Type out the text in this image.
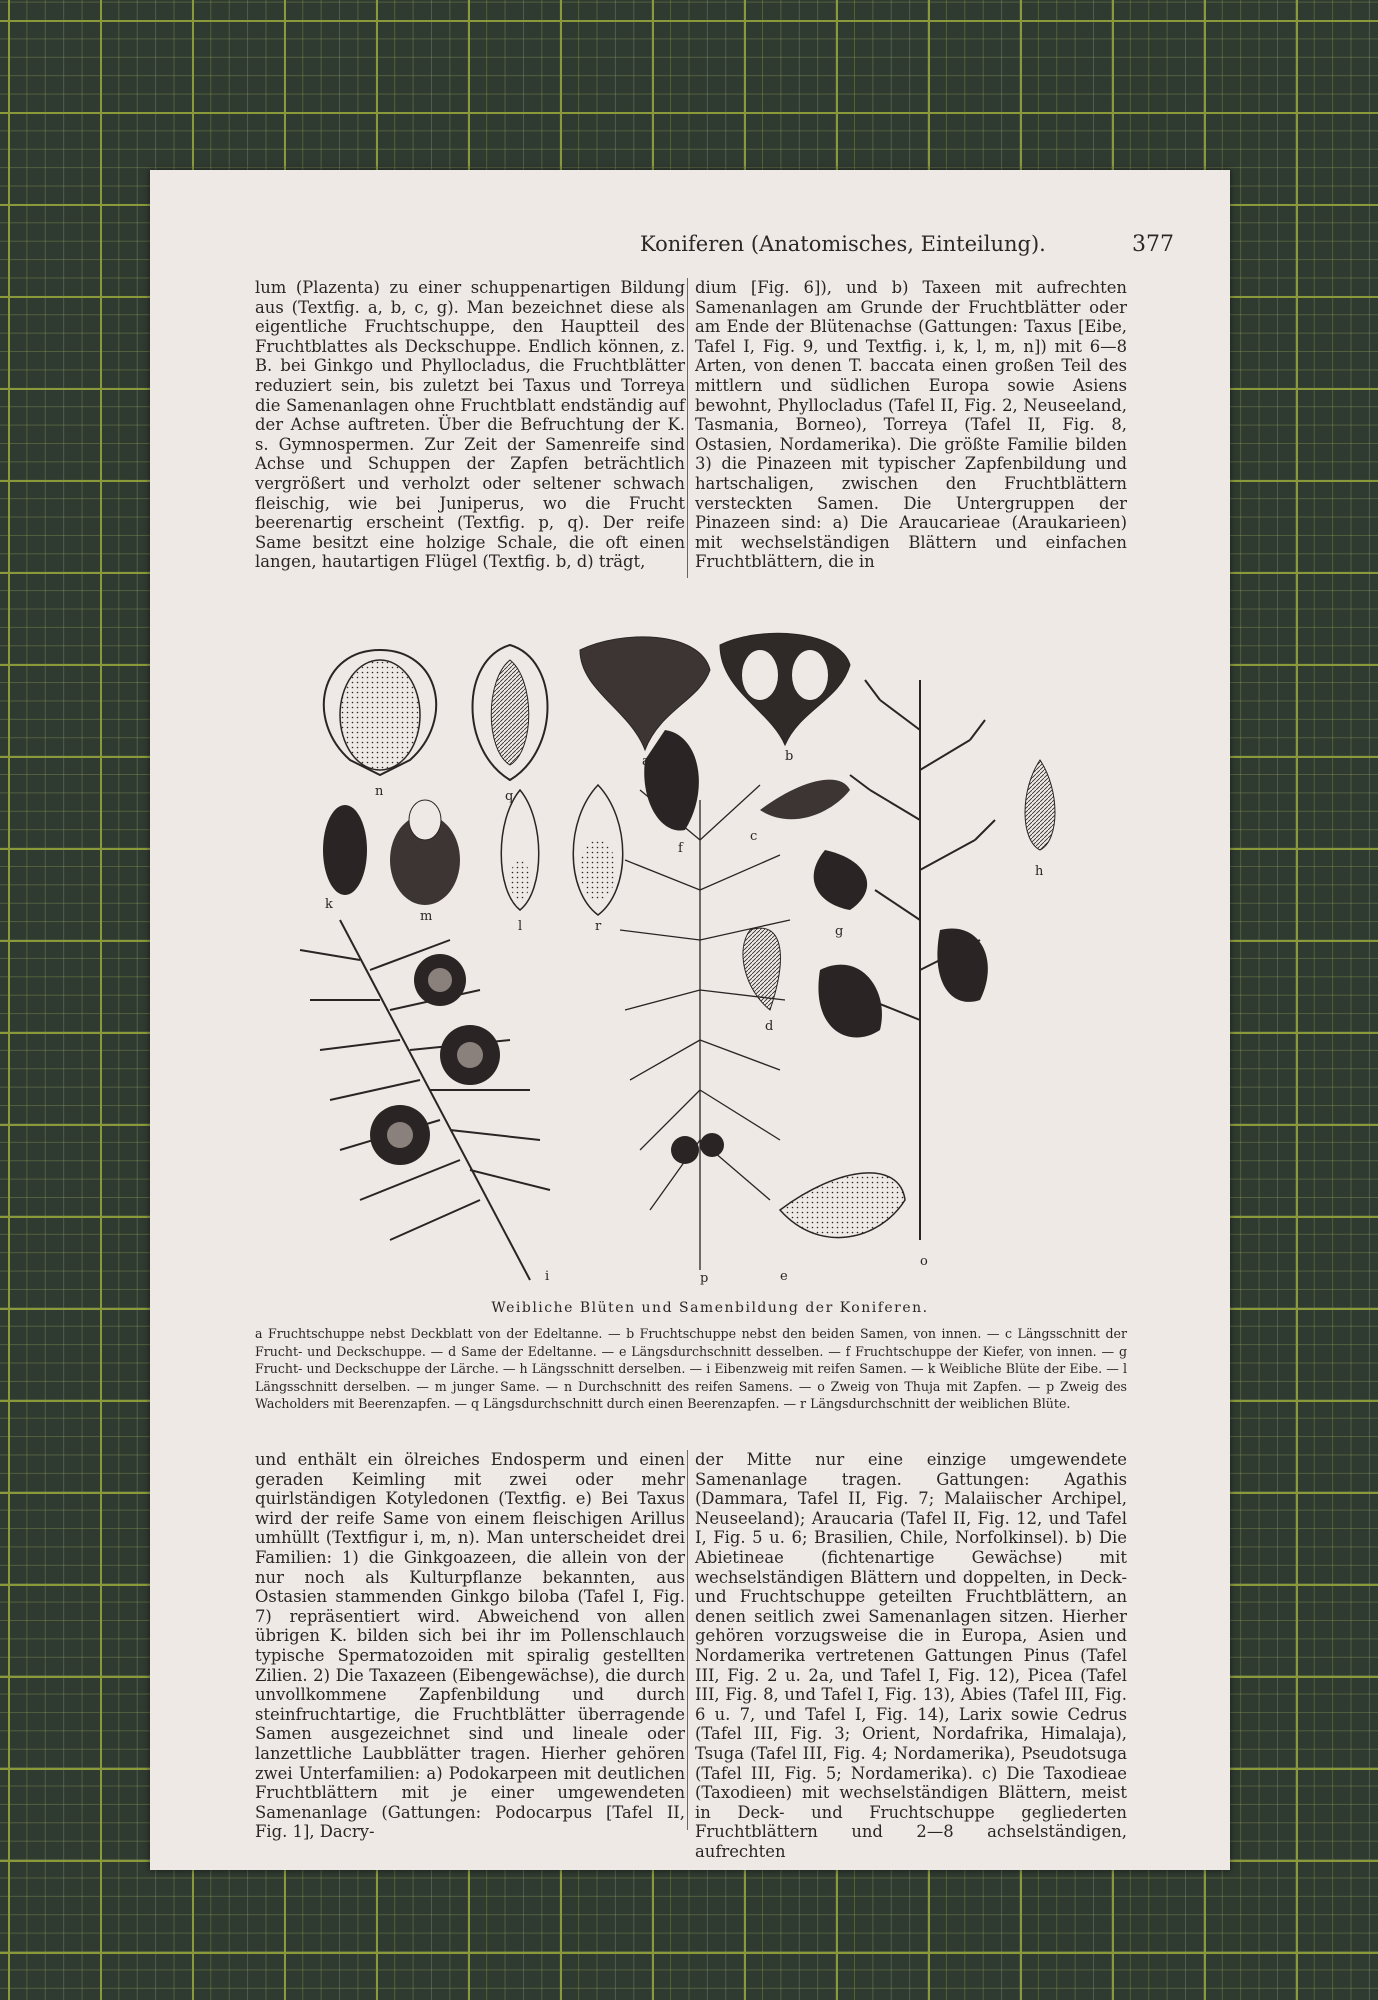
Koniferen (Anatomisches, Einteilung).	377

lum (Plazenta) zu einer schuppenartigen Bildung aus (Textfig. a, b, c, g). Man bezeichnet diese als eigentliche Fruchtschuppe, den Hauptteil des Fruchtblattes als Deckschuppe. Endlich können, z. B. bei Ginkgo und Phyllocladus, die Fruchtblätter reduziert sein, bis zuletzt bei Taxus und Torreya die Samenanlagen ohne Fruchtblatt endständig auf der Achse auftreten. Über die Befruchtung der K. s. Gymnospermen. Zur Zeit der Samenreife sind Achse und Schuppen der Zapfen beträchtlich vergrößert und verholzt oder seltener schwach fleischig, wie bei Juniperus, wo die Frucht beerenartig erscheint (Textfig. p, q). Der reife Same besitzt eine holzige Schale, die oft einen langen, hautartigen Flügel (Textfig. b, d) trägt,

dium [Fig. 6]), und b) Taxeen mit aufrechten Samenanlagen am Grunde der Fruchtblätter oder am Ende der Blütenachse (Gattungen: Taxus [Eibe, Tafel I, Fig. 9, und Textfig. i, k, l, m, n]) mit 6—8 Arten, von denen T. baccata einen großen Teil des mittlern und südlichen Europa sowie Asiens bewohnt, Phyllocladus (Tafel II, Fig. 2, Neuseeland, Tasmania, Borneo), Torreya (Tafel II, Fig. 8, Ostasien, Nordamerika). Die größte Familie bilden 3) die Pinazeen mit typischer Zapfenbildung und hartschaligen, zwischen den Fruchtblättern versteckten Samen. Die Untergruppen der Pinazeen sind: a) Die Araucarieae (Araukarieen) mit wechselständigen Blättern und einfachen Fruchtblättern, die in

n	q
a	b
f
c
k
m
l	r
h
g
d
i	p	e
o
Weibliche Blüten und Samenbildung der Koniferen.
a Fruchtschuppe nebst Deckblatt von der Edeltanne. — b Fruchtschuppe nebst den beiden Samen, von innen. — c Längsschnitt der Frucht- und Deckschuppe. — d Same der Edeltanne. — e Längsdurchschnitt desselben. — f Fruchtschuppe der Kiefer, von innen. — g Frucht- und Deckschuppe der Lärche. — h Längsschnitt derselben. — i Eibenzweig mit reifen Samen. — k Weibliche Blüte der Eibe. — l Längsschnitt derselben. — m junger Same. — n Durchschnitt des reifen Samens. — o Zweig von Thuja mit Zapfen. — p Zweig des Wacholders mit Beerenzapfen. — q Längsdurchschnitt durch einen Beerenzapfen. — r Längsdurchschnitt der weiblichen Blüte.

und enthält ein ölreiches Endosperm und einen geraden Keimling mit zwei oder mehr quirlständigen Kotyledonen (Textfig. e) Bei Taxus wird der reife Same von einem fleischigen Arillus umhüllt (Textfigur i, m, n). Man unterscheidet drei Familien: 1) die Ginkgoazeen, die allein von der nur noch als Kulturpflanze bekannten, aus Ostasien stammenden Ginkgo biloba (Tafel I, Fig. 7) repräsentiert wird. Abweichend von allen übrigen K. bilden sich bei ihr im Pollenschlauch typische Spermatozoiden mit spiralig gestellten Zilien. 2) Die Taxazeen (Eibengewächse), die durch unvollkommene Zapfenbildung und durch steinfruchtartige, die Fruchtblätter überragende Samen ausgezeichnet sind und lineale oder lanzettliche Laubblätter tragen. Hierher gehören zwei Unterfamilien: a) Podokarpeen mit deutlichen Fruchtblättern mit je einer umgewendeten Samenanlage (Gattungen: Podocarpus [Tafel II, Fig. 1], Dacry-

der Mitte nur eine einzige umgewendete Samenanlage tragen. Gattungen: Agathis (Dammara, Tafel II, Fig. 7; Malaiischer Archipel, Neuseeland); Araucaria (Tafel II, Fig. 12, und Tafel I, Fig. 5 u. 6; Brasilien, Chile, Norfolkinsel). b) Die Abietineae (fichtenartige Gewächse) mit wechselständigen Blättern und doppelten, in Deck- und Fruchtschuppe geteilten Fruchtblättern, an denen seitlich zwei Samenanlagen sitzen. Hierher gehören vorzugsweise die in Europa, Asien und Nordamerika vertretenen Gattungen Pinus (Tafel III, Fig. 2 u. 2a, und Tafel I, Fig. 12), Picea (Tafel III, Fig. 8, und Tafel I, Fig. 13), Abies (Tafel III, Fig. 6 u. 7, und Tafel I, Fig. 14), Larix sowie Cedrus (Tafel III, Fig. 3; Orient, Nordafrika, Himalaja), Tsuga (Tafel III, Fig. 4; Nordamerika), Pseudotsuga (Tafel III, Fig. 5; Nordamerika). c) Die Taxodieae (Taxodieen) mit wechselständigen Blättern, meist in Deck- und Fruchtschuppe gegliederten Fruchtblättern und 2—8 achselständigen, aufrechten
